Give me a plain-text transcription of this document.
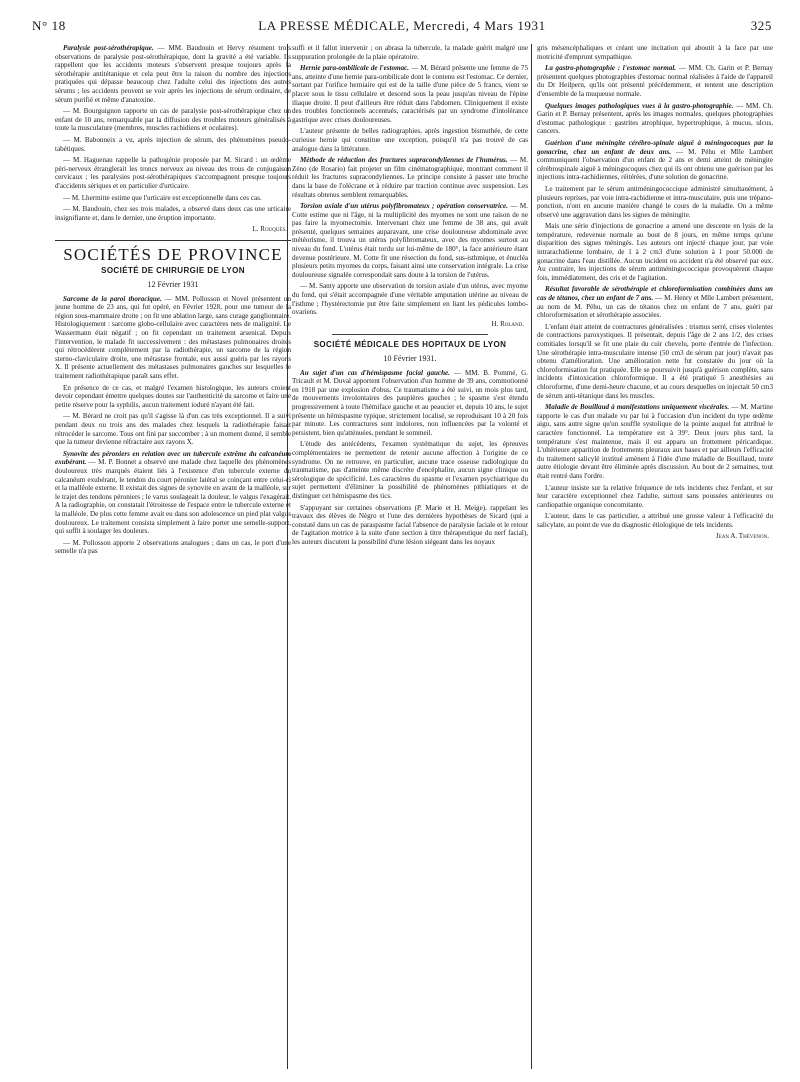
N° 18	LA PRESSE MÉDICALE, Mercredi, 4 Mars 1931	325

Paralysie post-sérothérapique. — MM. Baudouin et Hervy résument trois observations de paralysie post-sérothérapique, dont la gravité a été variable. Ils rappellent que les accidents moteurs s'observent presque toujours après la sérothérapie antitétanique et cela peut être la raison du nombre des injections pratiquées qui dépasse beaucoup chez l'adulte celui des injections des autres sérums ; les accidents peuvent se voir après les injections de sérum ordinaire, de sérum purifié et même d'anatoxine.

— M. Bourguignon rapporte un cas de paralysie post-sérothérapique chez un enfant de 10 ans, remarquable par la diffusion des troubles moteurs généralisés à toute la musculature (membres, muscles rachidiens et oculaires).

— M. Babonneix a vu, après injection de sérum, des phénomènes pseudo-tabétiques.

— M. Haguenau rappelle la pathogénie proposée par M. Sicard : un œdème péri-nerveux étranglerait les troncs nerveux au niveau des trous de conjugaison cervicaux ; les paralysies post-sérothérapiques s'accompagnent presque toujours d'accidents sériques et en particulier d'urticaire.

— M. Lhermitte estime que l'urticaire est exceptionnelle dans ces cas.

— M. Baudouin, chez ses trois malades, a observé dans deux cas une urticaire insignifiante et, dans le dernier, une éruption importante.

L. Rouquès.
SOCIÉTÉS DE PROVINCE
SOCIÉTÉ DE CHIRURGIE DE LYON
12 Février 1931

Sarcome de la paroi thoracique. — MM. Pollosson et Novel présentent un jeune homme de 23 ans, qui fut opéré, en Février 1928, pour une tumeur de la région sous-mammaire droite ; on fit une ablation large, sans curage ganglionnaire. Histologiquement : sarcome globo-cellulaire avec caractères nets de malignité. Le Wassermann était négatif ; on fit cependant un traitement arsenical. Depuis l'intervention, le malade fit successivement : des métastases pulmonaires droites qui rétrocédèrent complètement par la radiothérapie, un sarcome de la région sterno-claviculaire droite, une métastase frontale, eux aussi guéris par les rayons X. Il présente actuellement des métastases pulmonaires gauches sur lesquelles le traitement radiothérapique paraît sans effet.

En présence de ce cas, et malgré l'examen histologique, les auteurs croient devoir cependant émettre quelques doutes sur l'authenticité du sarcome et faire une petite réserve pour la syphilis, aucun traitement ioduré n'ayant été fait.

— M. Bérard ne croit pas qu'il s'agisse là d'un cas très exceptionnel. Il a suivi pendant deux ou trois ans des malades chez lesquels la radiothérapie faisait rétrocéder le sarcome. Tous ont fini par succomber ; à un moment donné, il semble que la tumeur devienne réfractaire aux rayons X.

Synovite des péroniers en relation avec un tubercule extrême du calcanéum exubérant. — M. P. Bonnet a observé une malade chez laquelle des phénomènes douloureux très marqués étaient liés à l'existence d'un tubercule externe du calcanéum exubérant, le tendon du court péronier latéral se coinçant entre celui-ci et la malléole externe. Il existait des signes de synovite en avant de la malléole, sur le trajet des tendons péroniers ; le varus soulageait la douleur, le valgus l'exagérait. A la radiographie, on constatait l'étroitesse de l'espace entre le tubercule externe et la malléole. De plus cette femme avait eu dans son adolescence un pied plat valgus douloureux. Le traitement consista simplement à faire porter une semelle-support, qui suffit à soulager les douleurs.

— M. Pollosson apporte 2 observations analogues ; dans un cas, le port d'une semelle n'a pas

suffi et il fallut intervenir ; on abrasa la tubercule, la malade guérit malgré une suppuration prolongée de la plaie opératoire.

Hernie para-ombilicale de l'estomac. — M. Bérard présente une femme de 75 ans, atteinte d'une hernie para-ombilicale dont le contenu est l'estomac. Ce dernier, sortant par l'orifice herniaire qui est de la taille d'une pièce de 5 francs, vient se placer sous le tissu cellulaire et descend sous la peau jusqu'au niveau de l'épine iliaque droite. Il peut d'ailleurs être réduit dans l'abdomen. Cliniquement il existe des troubles fonctionnels accentués, caractérisés par un syndrome d'intolérance gastrique avec crises douloureuses.

L'auteur présente de belles radiographies, après ingestion bismuthée, de cette curieuse hernie qui constitue une exception, puisqu'il n'a pas trouvé de cas analogue dans la littérature.

Méthode de réduction des fractures supracondyliennes de l'humérus. — M. Zéno (de Rosario) fait projeter un film cinématographique, montrant comment il réduit les fractures supracondyliennes. Le principe consiste à passer une broche dans la base de l'olécrane et à réduire par traction continue avec suspension. Les résultats obtenus semblent remarquables.

Torsion axiale d'un utérus polyfibromateux ; opération conservatrice. — M. Cotte estime que ni l'âge, ni la multiplicité des myomes ne sont une raison de ne pas faire la myomectomie. Intervenant chez une femme de 38 ans, qui avait présenté, quelques semaines auparavant, une crise douloureuse abdominale avec météorisme, il trouva un utérus polyfibromateux, avec des myomes surtout au niveau du fond. L'utérus était tordu sur lui-même de 180°, la face antérieure étant devenue postérieure. M. Cotte fit une résection du fond, sus-isthmique, et énucléa plusieurs petits myomes du corps, faisant ainsi une conservation intégrale. La crise douloureuse signalée correspondait sans doute à la torsion de l'utérus.

— M. Santy apporte une observation de torsion axiale d'un utérus, avec myome du fond, qui s'était accompagnée d'une véritable amputation utérine au niveau de l'isthme ; l'hystérectomie put être faite simplement en liant les pédicules lombo-ovariens.

H. Roland.
SOCIÉTÉ MÉDICALE DES HOPITAUX DE LYON
10 Février 1931.

Au sujet d'un cas d'hémispasme facial gauche. — MM. B. Pommé, G. Tricault et M. Duval apportent l'observation d'un homme de 39 ans, commotionné en 1918 par une explosion d'obus. Ce traumatisme a été suivi, un mois plus tard, de mouvements involontaires des paupières gauches ; le spasme s'est étendu progressivement à toute l'hémiface gauche et au peaucier et, depuis 10 ans, le sujet présente un hémispasme typique, strictement localisé, se reproduisant 10 à 20 fois par minute. Les contractures sont indolores, non influencées par la volonté et persistent, bien qu'atténuées, pendant le sommeil.

L'étude des antécédents, l'examen systématique du sujet, les épreuves complémentaires ne permettent de retenir aucune affection à l'origine de ce syndrome. On ne retrouve, en particulier, aucune trace osseuse radiologique du traumatisme, pas d'atteinte même discrète d'encéphalite, aucun signe clinique ou sérologique de spécificité. Les caractères du spasme et l'examen psychiatrique du sujet permettent d'éliminer la possibilité de phénomènes pithiatiques et de distinguer cet hémispasme des tics.

S'appuyant sur certaines observations (P. Marie et H. Meige), rappelant les travaux des élèves de Nègro et l'une des dernières hypothèses de Sicard (qui a constaté dans un cas de paraspasme facial l'absence de paralysie faciale et le retour de l'agitation motrice à la suite d'une section à titre thérapeutique du nerf facial), les auteurs discutent la possibilité d'une lésion siégeant dans les noyaux

gris mésencéphaliques et créant une incitation qui aboutit à la face par une motricité d'emprunt sympathique.

La gastro-photographie : l'estomac normal. — MM. Ch. Garin et P. Bernay présentent quelques photographies d'estomac normal réalisées à l'aide de l'appareil du Dr Heilpern, qu'ils ont présenté précédemment, et tentent une description d'ensemble de la muqueuse normale.

Quelques images pathologiques vues à la gastro-photographie. — MM. Ch. Garin et P. Bernay présentent, après les images normales, quelques photographies d'estomac pathologique : gastrites atrophique, hypertrophique, à mucus, ulcus, cancers.

Guérison d'une méningite cérébro-spinale aiguë à méningocoques par la gonacrine, chez un enfant de deux ans. — M. Péhu et Mlle Lambert communiquent l'observation d'un enfant de 2 ans et demi atteint de méningite cérébrospinale aiguë à méningocoques chez qui ils ont obtenu une guérison par les injections intra-rachidiennes, réitérées, d'une solution de gonacrine.

Le traitement par le sérum antiméningococcique administré simultanément, à plusieurs reprises, par voie intra-rachidienne et intra-musculaire, puis une trépano-ponction, n'ont en aucune manière changé le cours de la maladie. On a même observé une aggravation dans les signes de méningite.

Mais une série d'injections de gonacrine a amené une descente en lysis de la température, redevenue normale au bout de 8 jours, en même temps qu'une disparition des signes méningés. Les auteurs ont injecté chaque jour, par voie intrarachidienne lombaire, de 1 à 2 cm3 d'une solution à 1 pour 50.000 de gonacrine dans l'eau distillée. Aucun incident ou accident n'a été observé par eux. Au contraire, les injections de sérum antiméningococcique provoquèrent chaque fois, immédiatement, des cris et de l'agitation.

Résultat favorable de sérothérapie et chloroformisation combinées dans un cas de tétanos, chez un enfant de 7 ans. — M. Henry et Mlle Lambert présentent, au nom de M. Péhu, un cas de tétanos chez un enfant de 7 ans, guéri par chloroformisation et sérothérapie associées.

L'enfant était atteint de contractures généralisées : trismus serré, crises violentes de contractions paroxystiques. Il présentait, depuis l'âge de 2 ans 1/2, des crises comitiales lorsqu'il se fit une plaie du cuir chevelu, porte d'entrée de l'infection. Une sérothérapie intra-musculaire intense (50 cm3 de sérum par jour) n'avait pas obtenu d'amélioration. Une amélioration nette fut constatée du jour où la chloroformisation fut pratiquée. Elle se poursuivit jusqu'à guérison complète, sans incidents d'intoxication chloroformique. Il a été pratiqué 5 anesthésies au chloroforme, d'une demi-heure chacune, et au cours desquelles on injectait 50 cm3 de sérum anti-tétanique dans les muscles.

Maladie de Bouillaud à manifestations uniquement viscérales. — M. Martine rapporte le cas d'un malade vu par lui à l'occasion d'un incident du type œdème aigu, sans autre signe qu'un souffle systolique de la pointe auquel fut attribué le caractère fonctionnel. La température est à 39°. Deux jours plus tard, la température s'est maintenue, mais il est apparu un frottement péricardique. L'ultérieure apparition de frottements pleuraux aux bases et par ailleurs l'efficacité du traitement salicylé institué amènent à l'idée d'une maladie de Bouillaud, toute autre étiologie devant être éliminée après discussion. Au bout de 2 semaines, tout était rentré dans l'ordre.

L'auteur insiste sur la relative fréquence de tels incidents chez l'enfant, et sur leur caractère exceptionnel chez l'adulte, surtout sans poussées antérieures ou cardiopathie organique concomitante.

L'auteur, dans le cas particulier, a attribué une grosse valeur à l'efficacité du salicylate, au point de vue du diagnostic étiologique de tels incidents.

Jean A. Thévenon.
